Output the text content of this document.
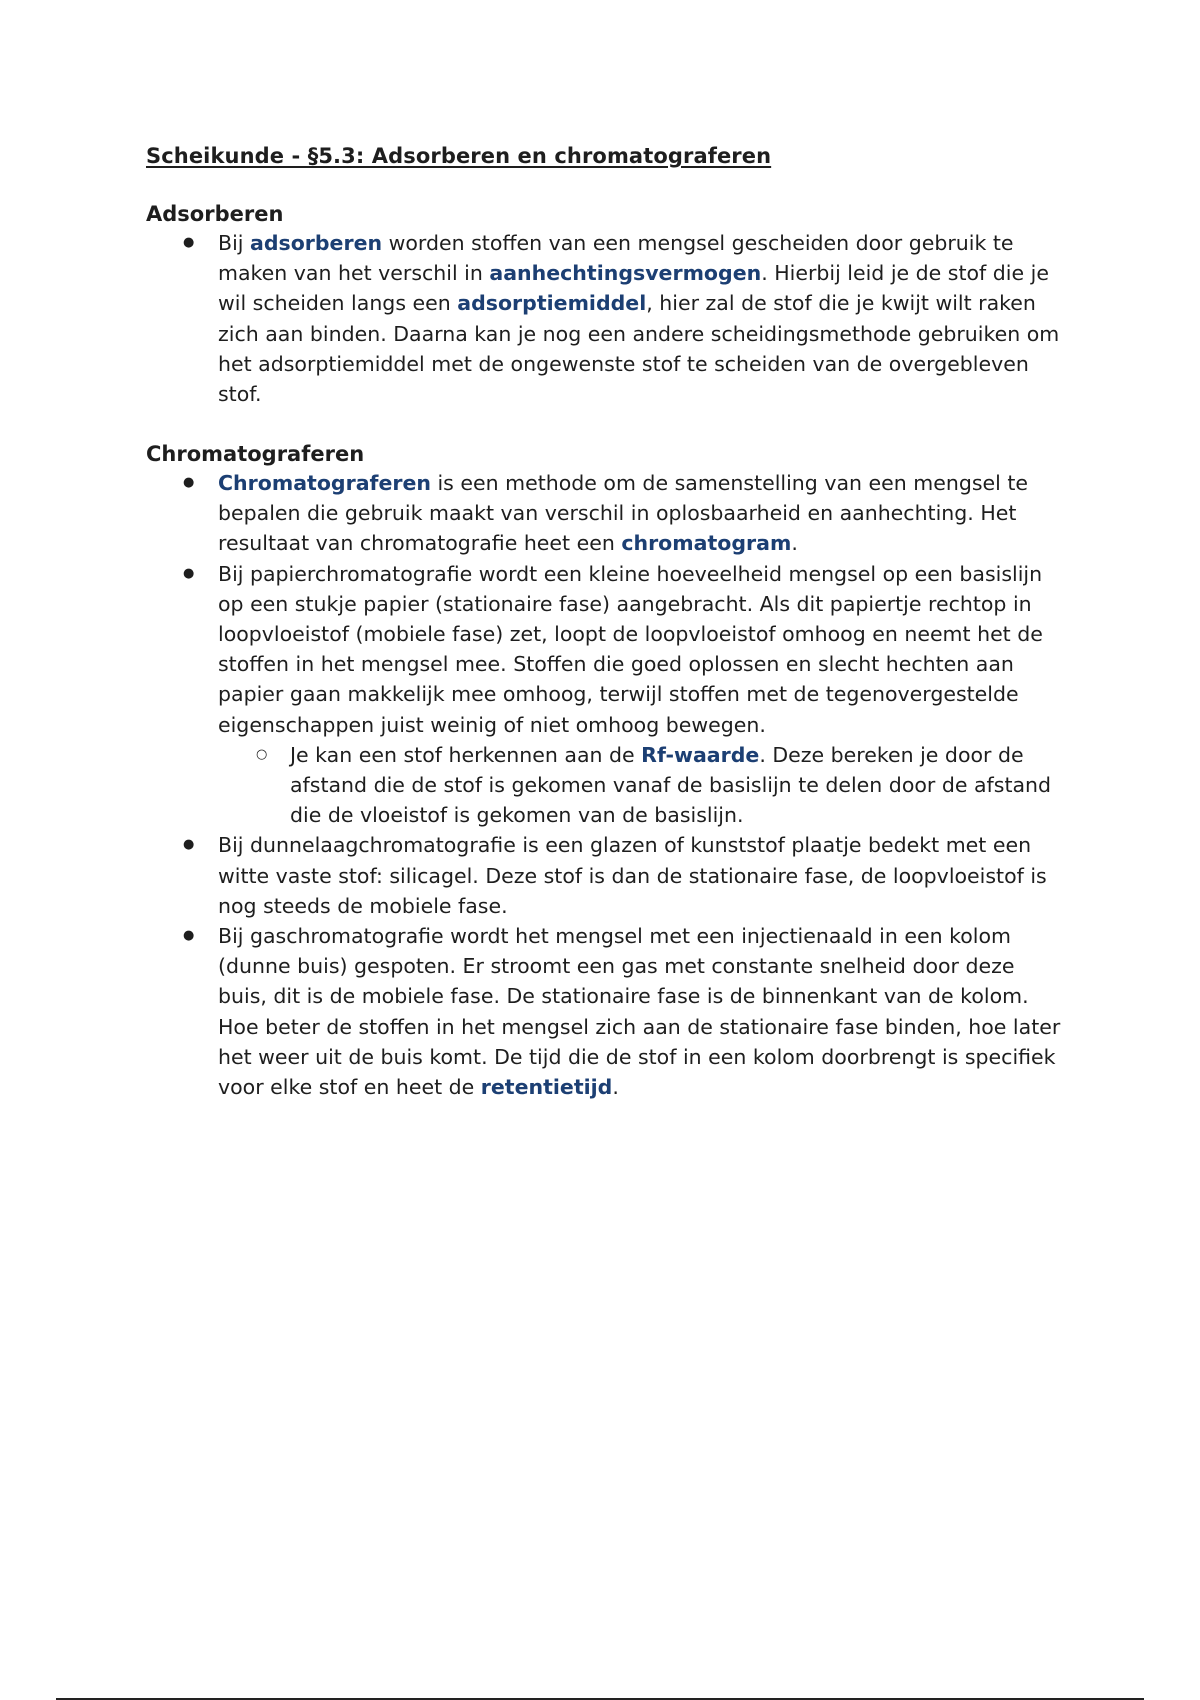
Scheikunde - §5.3: Adsorberen en chromatograferen
Adsorberen
● Bij adsorberen worden stoffen van een mengsel gescheiden door gebruik te maken van het verschil in aanhechtingsvermogen. Hierbij leid je de stof die je wil scheiden langs een adsorptiemiddel, hier zal de stof die je kwijt wilt raken zich aan binden. Daarna kan je nog een andere scheidingsmethode gebruiken om het adsorptiemiddel met de ongewenste stof te scheiden van de overgebleven stof.
Chromatograferen
● Chromatograferen is een methode om de samenstelling van een mengsel te bepalen die gebruik maakt van verschil in oplosbaarheid en aanhechting. Het resultaat van chromatografie heet een chromatogram.
● Bij papierchromatografie wordt een kleine hoeveelheid mengsel op een basislijn op een stukje papier (stationaire fase) aangebracht. Als dit papiertje rechtop in loopvloeistof (mobiele fase) zet, loopt de loopvloeistof omhoog en neemt het de stoffen in het mengsel mee. Stoffen die goed oplossen en slecht hechten aan papier gaan makkelijk mee omhoog, terwijl stoffen met de tegenovergestelde eigenschappen juist weinig of niet omhoog bewegen.
○ Je kan een stof herkennen aan de Rf-waarde. Deze bereken je door de afstand die de stof is gekomen vanaf de basislijn te delen door de afstand die de vloeistof is gekomen van de basislijn.
● Bij dunnelaagchromatografie is een glazen of kunststof plaatje bedekt met een witte vaste stof: silicagel. Deze stof is dan de stationaire fase, de loopvloeistof is nog steeds de mobiele fase.
● Bij gaschromatografie wordt het mengsel met een injectienaald in een kolom (dunne buis) gespoten. Er stroomt een gas met constante snelheid door deze buis, dit is de mobiele fase. De stationaire fase is de binnenkant van de kolom. Hoe beter de stoffen in het mengsel zich aan de stationaire fase binden, hoe later het weer uit de buis komt. De tijd die de stof in een kolom doorbrengt is specifiek voor elke stof en heet de retentietijd.
